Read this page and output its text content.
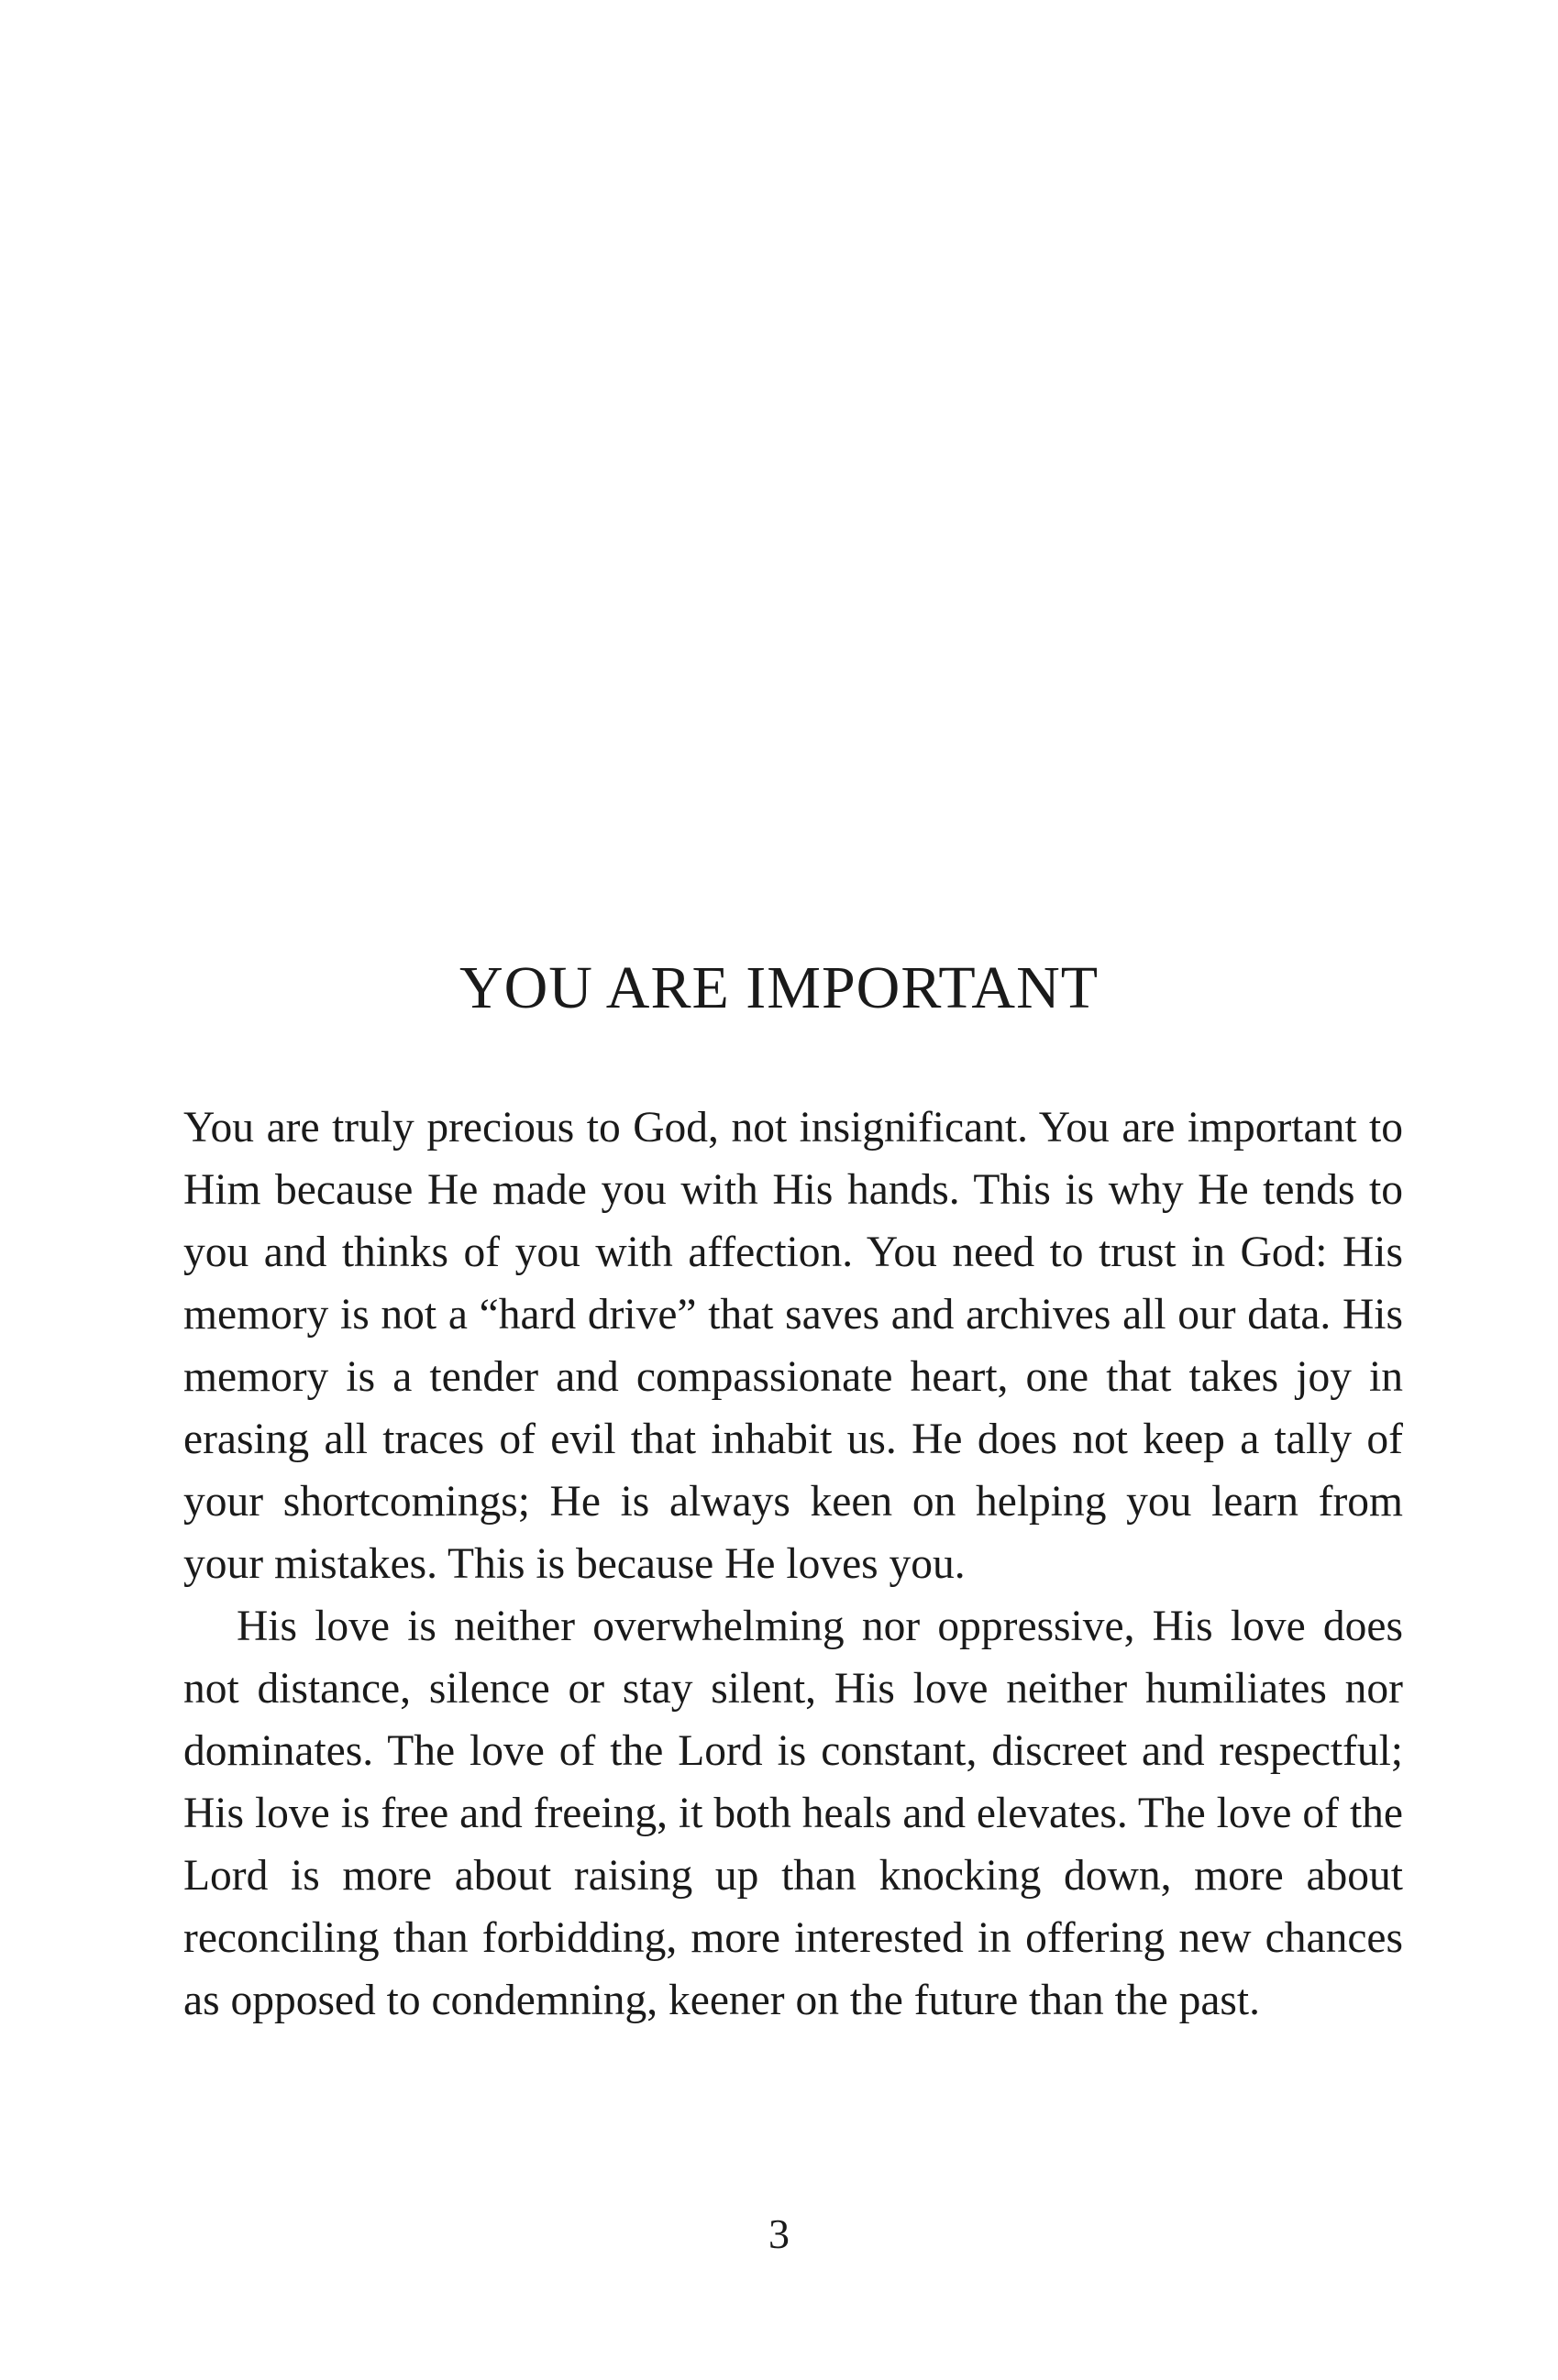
YOU ARE IMPORTANT

You are truly precious to God, not insignificant. You are important to Him because He made you with His hands. This is why He tends to you and thinks of you with affection. You need to trust in God: His memory is not a “hard drive” that saves and archives all our data. His memory is a tender and compassionate heart, one that takes joy in erasing all traces of evil that inhabit us. He does not keep a tally of your shortcomings; He is always keen on helping you learn from your mistakes. This is because He loves you.

His love is neither overwhelming nor oppressive, His love does not distance, silence or stay silent, His love neither humiliates nor dominates. The love of the Lord is constant, discreet and respectful; His love is free and freeing, it both heals and elevates. The love of the Lord is more about raising up than knocking down, more about reconciling than forbidding, more interested in offering new chances as opposed to condemning, keener on the future than the past.

3
